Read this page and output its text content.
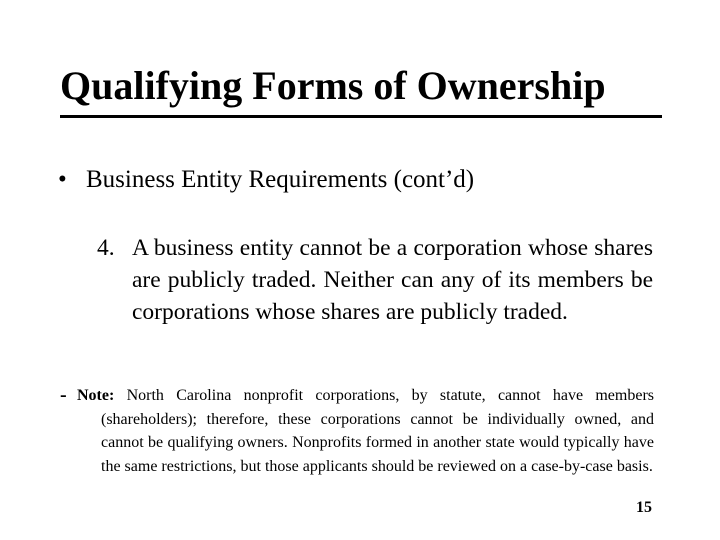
Qualifying Forms of Ownership
• Business Entity Requirements (cont’d)
4. A business entity cannot be a corporation whose shares are publicly traded. Neither can any of its members be corporations whose shares are publicly traded.
- Note: North Carolina nonprofit corporations, by statute, cannot have members (shareholders); therefore, these corporations cannot be individually owned, and cannot be qualifying owners. Nonprofits formed in another state would typically have the same restrictions, but those applicants should be reviewed on a case-by-case basis.
15
